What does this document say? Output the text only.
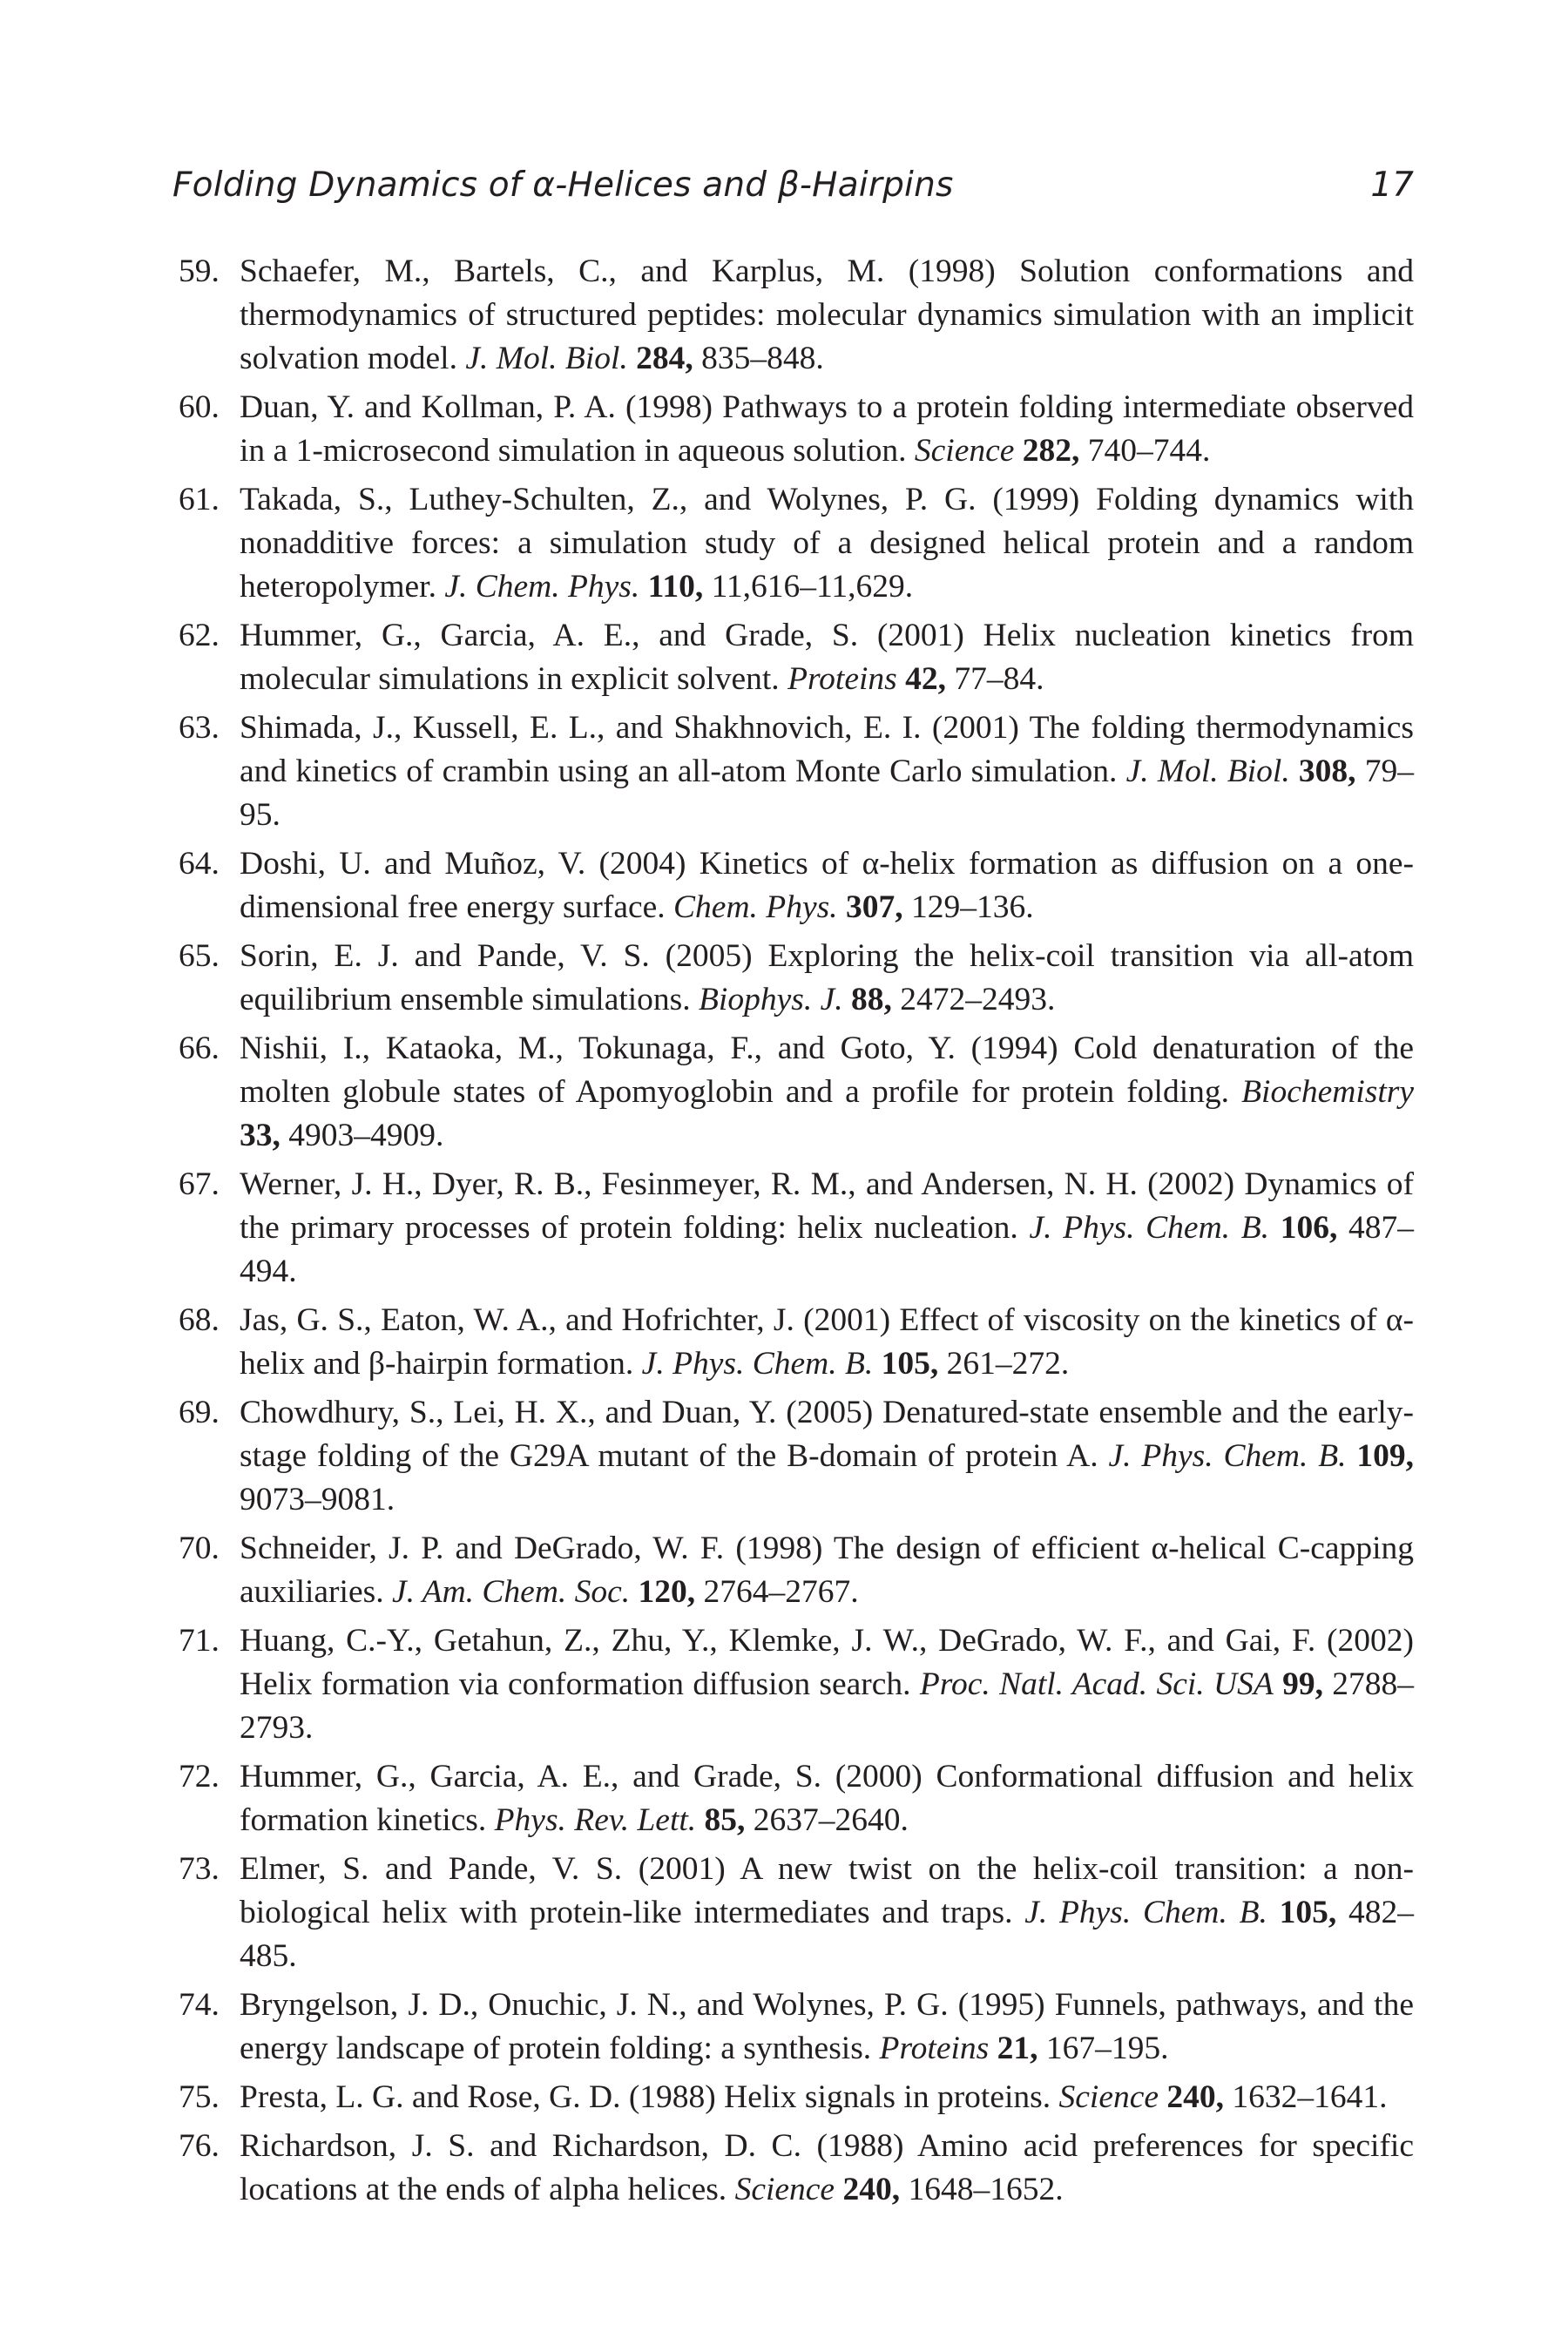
Folding Dynamics of α-Helices and β-Hairpins	17
59. Schaefer, M., Bartels, C., and Karplus, M. (1998) Solution conformations and thermodynamics of structured peptides: molecular dynamics simulation with an implicit solvation model. J. Mol. Biol. 284, 835–848.
60. Duan, Y. and Kollman, P. A. (1998) Pathways to a protein folding intermediate observed in a 1-microsecond simulation in aqueous solution. Science 282, 740–744.
61. Takada, S., Luthey-Schulten, Z., and Wolynes, P. G. (1999) Folding dynamics with nonadditive forces: a simulation study of a designed helical protein and a random heteropolymer. J. Chem. Phys. 110, 11,616–11,629.
62. Hummer, G., Garcia, A. E., and Grade, S. (2001) Helix nucleation kinetics from molecular simulations in explicit solvent. Proteins 42, 77–84.
63. Shimada, J., Kussell, E. L., and Shakhnovich, E. I. (2001) The folding thermodynamics and kinetics of crambin using an all-atom Monte Carlo simulation. J. Mol. Biol. 308, 79–95.
64. Doshi, U. and Muñoz, V. (2004) Kinetics of α-helix formation as diffusion on a one-dimensional free energy surface. Chem. Phys. 307, 129–136.
65. Sorin, E. J. and Pande, V. S. (2005) Exploring the helix-coil transition via all-atom equilibrium ensemble simulations. Biophys. J. 88, 2472–2493.
66. Nishii, I., Kataoka, M., Tokunaga, F., and Goto, Y. (1994) Cold denaturation of the molten globule states of Apomyoglobin and a profile for protein folding. Biochemistry 33, 4903–4909.
67. Werner, J. H., Dyer, R. B., Fesinmeyer, R. M., and Andersen, N. H. (2002) Dynamics of the primary processes of protein folding: helix nucleation. J. Phys. Chem. B. 106, 487–494.
68. Jas, G. S., Eaton, W. A., and Hofrichter, J. (2001) Effect of viscosity on the kinetics of α-helix and β-hairpin formation. J. Phys. Chem. B. 105, 261–272.
69. Chowdhury, S., Lei, H. X., and Duan, Y. (2005) Denatured-state ensemble and the early-stage folding of the G29A mutant of the B-domain of protein A. J. Phys. Chem. B. 109, 9073–9081.
70. Schneider, J. P. and DeGrado, W. F. (1998) The design of efficient α-helical C-capping auxiliaries. J. Am. Chem. Soc. 120, 2764–2767.
71. Huang, C.-Y., Getahun, Z., Zhu, Y., Klemke, J. W., DeGrado, W. F., and Gai, F. (2002) Helix formation via conformation diffusion search. Proc. Natl. Acad. Sci. USA 99, 2788–2793.
72. Hummer, G., Garcia, A. E., and Grade, S. (2000) Conformational diffusion and helix formation kinetics. Phys. Rev. Lett. 85, 2637–2640.
73. Elmer, S. and Pande, V. S. (2001) A new twist on the helix-coil transition: a non-biological helix with protein-like intermediates and traps. J. Phys. Chem. B. 105, 482–485.
74. Bryngelson, J. D., Onuchic, J. N., and Wolynes, P. G. (1995) Funnels, pathways, and the energy landscape of protein folding: a synthesis. Proteins 21, 167–195.
75. Presta, L. G. and Rose, G. D. (1988) Helix signals in proteins. Science 240, 1632–1641.
76. Richardson, J. S. and Richardson, D. C. (1988) Amino acid preferences for specific locations at the ends of alpha helices. Science 240, 1648–1652.
